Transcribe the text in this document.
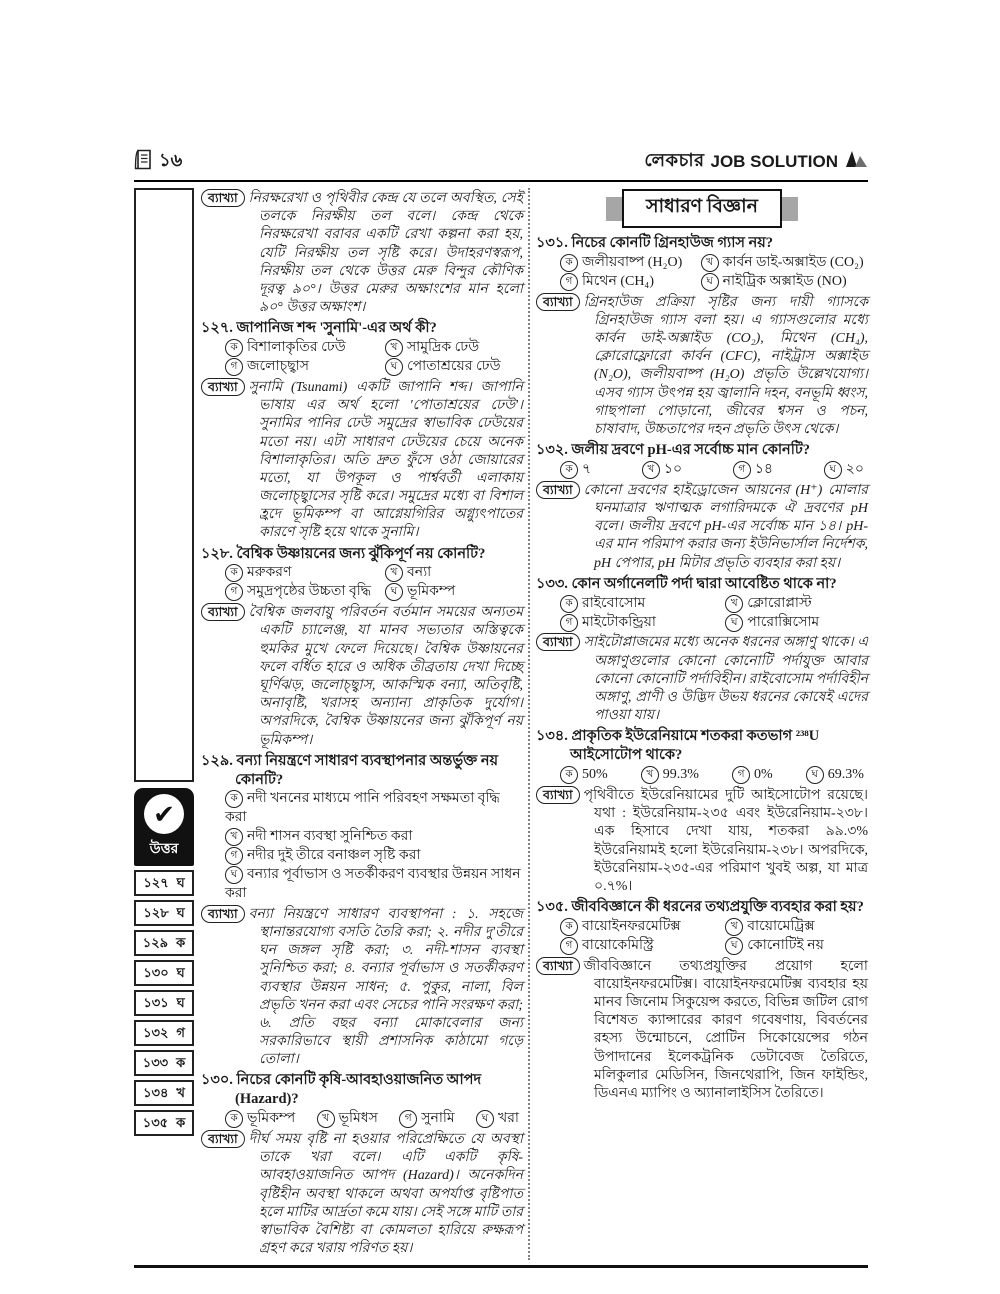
১৬	লেকচার JOB SOLUTION
✔
উত্তর
১২৭ ঘ
১২৮ ঘ
১২৯ ক
১৩০ ঘ
১৩১ ঘ
১৩২ গ
১৩৩ ক
১৩৪ খ
১৩৫ ক
ব্যাখ্যা নিরক্ষরেখা ও পৃথিবীর কেন্দ্র যে তলে অবস্থিত, সেই তলকে নিরক্ষীয় তল বলে। কেন্দ্র থেকে নিরক্ষরেখা বরাবর একটি রেখা কল্পনা করা হয়, যেটি নিরক্ষীয় তল সৃষ্টি করে। উদাহরণস্বরূপ, নিরক্ষীয় তল থেকে উত্তর মেরু বিন্দুর কৌণিক দূরত্ব ৯০°। উত্তর মেরুর অক্ষাংশের মান হলো ৯০° উত্তর অক্ষাংশ।
১২৭. জাপানিজ শব্দ 'সুনামি'-এর অর্থ কী?
ক বিশালাকৃতির ঢেউ	খ সামুদ্রিক ঢেউ
গ জলোচ্ছ্বাস	ঘ পোতাশ্রয়ের ঢেউ
ব্যাখ্যা সুনামি (Tsunami) একটি জাপানি শব্দ। জাপানি ভাষায় এর অর্থ হলো 'পোতাশ্রয়ের ঢেউ'। সুনামির পানির ঢেউ সমুদ্রের স্বাভাবিক ঢেউয়ের মতো নয়। এটা সাধারণ ঢেউয়ের চেয়ে অনেক বিশালাকৃতির। অতি দ্রুত ফুঁসে ওঠা জোয়ারের মতো, যা উপকূল ও পার্শ্ববর্তী এলাকায় জলোচ্ছ্বাসের সৃষ্টি করে। সমুদ্রের মধ্যে বা বিশাল হ্রদে ভূমিকম্প বা আগ্নেয়গিরির অগ্ন্যুৎপাতের কারণে সৃষ্টি হয়ে থাকে সুনামি।
১২৮. বৈশ্বিক উষ্ণায়নের জন্য ঝুঁকিপূর্ণ নয় কোনটি?
ক মরুকরণ	খ বন্যা
গ সমুদ্রপৃষ্ঠের উচ্চতা বৃদ্ধি	ঘ ভূমিকম্প
ব্যাখ্যা বৈশ্বিক জলবায়ু পরিবর্তন বর্তমান সময়ের অন্যতম একটি চ্যালেঞ্জ, যা মানব সভ্যতার অস্তিত্বকে হুমকির মুখে ফেলে দিয়েছে। বৈশ্বিক উষ্ণায়নের ফলে বর্ধিত হারে ও অধিক তীব্রতায় দেখা দিচ্ছে ঘূর্ণিঝড়, জলোচ্ছ্বাস, আকস্মিক বন্যা, অতিবৃষ্টি, অনাবৃষ্টি, খরাসহ অন্যান্য প্রাকৃতিক দুর্যোগ। অপরদিকে, বৈশ্বিক উষ্ণায়নের জন্য ঝুঁকিপূর্ণ নয় ভূমিকম্প।
১২৯. বন্যা নিয়ন্ত্রণে সাধারণ ব্যবস্থাপনার অন্তর্ভুক্ত নয় কোনটি?
ক নদী খননের মাধ্যমে পানি পরিবহণ সক্ষমতা বৃদ্ধি করা
খ নদী শাসন ব্যবস্থা সুনিশ্চিত করা
গ নদীর দুই তীরে বনাঞ্চল সৃষ্টি করা
ঘ বন্যার পূর্বাভাস ও সতর্কীকরণ ব্যবস্থার উন্নয়ন সাধন করা
ব্যাখ্যা বন্যা নিয়ন্ত্রণে সাধারণ ব্যবস্থাপনা : ১. সহজে স্থানান্তরযোগ্য বসতি তৈরি করা; ২. নদীর দু'তীরে ঘন জঙ্গল সৃষ্টি করা; ৩. নদী-শাসন ব্যবস্থা সুনিশ্চিত করা; ৪. বন্যার পূর্বাভাস ও সতর্কীকরণ ব্যবস্থার উন্নয়ন সাধন; ৫. পুকুর, নালা, বিল প্রভৃতি খনন করা এবং সেচের পানি সংরক্ষণ করা; ৬. প্রতি বছর বন্যা মোকাবেলার জন্য সরকারিভাবে স্থায়ী প্রশাসনিক কাঠামো গড়ে তোলা।
১৩০. নিচের কোনটি কৃষি-আবহাওয়াজনিত আপদ (Hazard)?
ক ভূমিকম্প	খ ভূমিধস	গ সুনামি	ঘ খরা
ব্যাখ্যা দীর্ঘ সময় বৃষ্টি না হওয়ার পরিপ্রেক্ষিতে যে অবস্থা তাকে খরা বলে। এটি একটি কৃষি-আবহাওয়াজনিত আপদ (Hazard)। অনেকদিন বৃষ্টিহীন অবস্থা থাকলে অথবা অপর্যাপ্ত বৃষ্টিপাত হলে মাটির আর্দ্রতা কমে যায়। সেই সঙ্গে মাটি তার স্বাভাবিক বৈশিষ্ট্য বা কোমলতা হারিয়ে রুক্ষরূপ গ্রহণ করে খরায় পরিণত হয়।
সাধারণ বিজ্ঞান
১৩১. নিচের কোনটি গ্রিনহাউজ গ্যাস নয়?
ক জলীয়বাষ্প (H₂O)	খ কার্বন ডাই-অক্সাইড (CO₂)
গ মিথেন (CH₄)	ঘ নাইট্রিক অক্সাইড (NO)
ব্যাখ্যা গ্রিনহাউজ প্রক্রিয়া সৃষ্টির জন্য দায়ী গ্যাসকে গ্রিনহাউজ গ্যাস বলা হয়। এ গ্যাসগুলোর মধ্যে কার্বন ডাই-অক্সাইড (CO₂), মিথেন (CH₄), ক্লোরোফ্লোরো কার্বন (CFC), নাইট্রাস অক্সাইড (N₂O), জলীয়বাষ্প (H₂O) প্রভৃতি উল্লেখযোগ্য। এসব গ্যাস উৎপন্ন হয় জ্বালানি দহন, বনভূমি ধ্বংস, গাছপালা পোড়ানো, জীবের শ্বসন ও পচন, চাষাবাদ, উচ্চতাপের দহন প্রভৃতি উৎস থেকে।
১৩২. জলীয় দ্রবণে pH-এর সর্বোচ্চ মান কোনটি?
ক ৭	খ ১০	গ ১৪	ঘ ২০
ব্যাখ্যা কোনো দ্রবণের হাইড্রোজেন আয়নের (H⁺) মোলার ঘনমাত্রার ঋণাত্মক লগারিদমকে ঐ দ্রবণের pH বলে। জলীয় দ্রবণে pH-এর সর্বোচ্চ মান ১৪। pH-এর মান পরিমাপ করার জন্য ইউনিভার্সাল নির্দেশক, pH পেপার, pH মিটার প্রভৃতি ব্যবহার করা হয়।
১৩৩. কোন অর্গানেলটি পর্দা দ্বারা আবেষ্টিত থাকে না?
ক রাইবোসোম	খ ক্লোরোপ্লাস্ট
গ মাইটোকন্ড্রিয়া	ঘ পারোক্সিসোম
ব্যাখ্যা সাইটোপ্লাজমের মধ্যে অনেক ধরনের অঙ্গাণু থাকে। এ অঙ্গাণুগুলোর কোনো কোনোটি পর্দাযুক্ত আবার কোনো কোনোটি পর্দাবিহীন। রাইবোসোম পর্দাবিহীন অঙ্গাণু, প্রাণী ও উদ্ভিদ উভয় ধরনের কোষেই এদের পাওয়া যায়।
১৩৪. প্রাকৃতিক ইউরেনিয়ামে শতকরা কতভাগ ²³⁸U আইসোটোপ থাকে?
ক 50%	খ 99.3%	গ 0%	ঘ 69.3%
ব্যাখ্যা পৃথিবীতে ইউরেনিয়ামের দুটি আইসোটোপ রয়েছে। যথা : ইউরেনিয়াম-২৩৫ এবং ইউরেনিয়াম-২৩৮। এক হিসাবে দেখা যায়, শতকরা ৯৯.৩% ইউরেনিয়ামই হলো ইউরেনিয়াম-২৩৮। অপরদিকে, ইউরেনিয়াম-২৩৫-এর পরিমাণ খুবই অল্প, যা মাত্র ০.৭%।
১৩৫. জীববিজ্ঞানে কী ধরনের তথ্যপ্রযুক্তি ব্যবহার করা হয়?
ক বায়োইনফরমেটিক্স	খ বায়োমেট্রিক্স
গ বায়োকেমিস্ট্রি	ঘ কোনোটিই নয়
ব্যাখ্যা জীববিজ্ঞানে তথ্যপ্রযুক্তির প্রয়োগ হলো বায়োইনফরমেটিক্স। বায়োইনফরমেটিক্স ব্যবহার হয় মানব জিনোম সিকুয়েন্স করতে, বিভিন্ন জটিল রোগ বিশেষত ক্যান্সারের কারণ গবেষণায়, বিবর্তনের রহস্য উন্মোচনে, প্রোটিন সিকোয়েন্সের গঠন উপাদানের ইলেকট্রনিক ডেটাবেজ তৈরিতে, মলিকুলার মেডিসিন, জিনথেরাপি, জিন ফাইন্ডিং, ডিএনএ ম্যাপিং ও অ্যানালাইসিস তৈরিতে।
